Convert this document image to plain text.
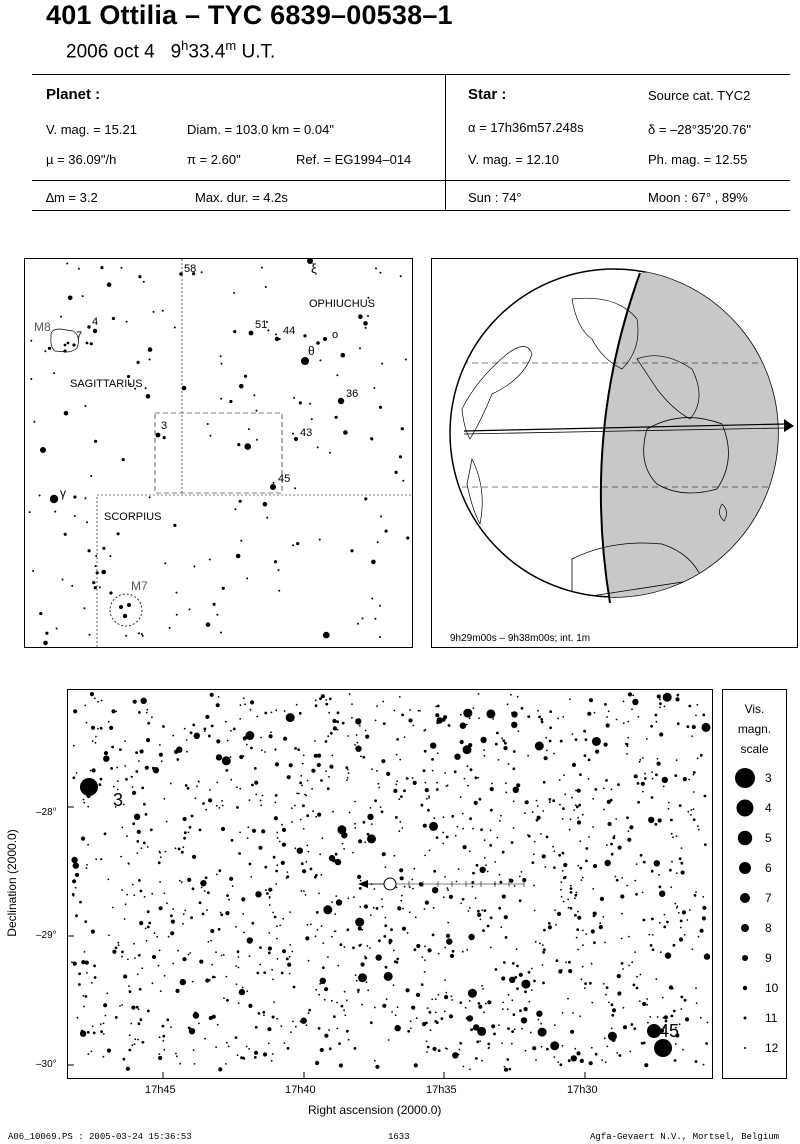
401 Ottilia – TYC 6839–00538–1
2006 oct 4 9$^h$33.4$^m$ U.T.
Planet :
V. mag. = 15.21	Diam. = 103.0 km = 0.04"
µ = 36.09"/h	π = 2.60"	Ref. = EG1994–014
∆m = 3.2	Max. dur. = 4.2s
Star :	Source cat. TYC2
α = 17h36m57.248s	δ = –28°35'20.76"
V. mag. = 12.10	Ph. mag. = 12.55
Sun : 74°	Moon : 67° , 89%
58	ξ
OPHIUCHUS
M8
7
4	51 44	o
θ
SAGITTARIUS
36
3
43
45
γ
SCORPIUS
M7
9h29m00s – 9h38m00s; int. 1m
3
45
–28°
–29°
–30°
17h45	17h40	17h35	17h30
Right ascension (2000.0)
Declination (2000.0)
Vis.
magn.
scale
3
4
5
6
7
8
9
10
11
12
A06_10069.PS : 2005-03-24 15:36:53	1633	Agfa-Gevaert N.V., Mortsel, Belgium
